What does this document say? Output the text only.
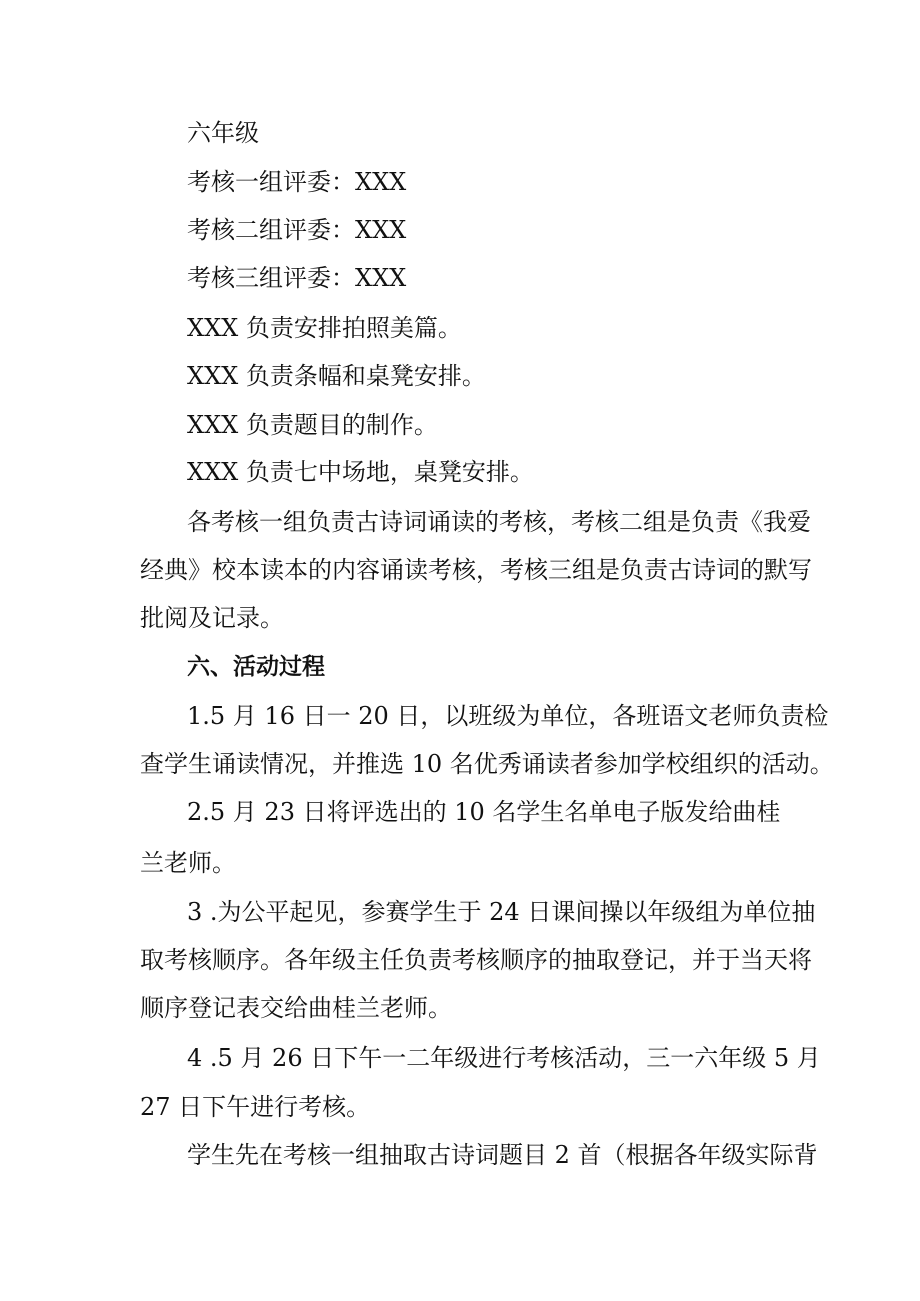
六年级
考核一组评委：XXX
考核二组评委：XXX
考核三组评委：XXX
XXX 负责安排拍照美篇。
XXX 负责条幅和桌凳安排。
XXX 负责题目的制作。
XXX 负责七中场地，桌凳安排。
各考核一组负责古诗词诵读的考核，考核二组是负责《我爱
经典》校本读本的内容诵读考核，考核三组是负责古诗词的默写
批阅及记录。
六、活动过程
1.5 月 16 日一 20 日，以班级为单位，各班语文老师负责检
查学生诵读情况，并推选 10 名优秀诵读者参加学校组织的活动。
2.5 月 23 日将评选出的 10 名学生名单电子版发给曲桂
兰老师。
3 .为公平起见，参赛学生于 24 日课间操以年级组为单位抽
取考核顺序。各年级主任负责考核顺序的抽取登记，并于当天将
顺序登记表交给曲桂兰老师。
4 .5 月 26 日下午一二年级进行考核活动，三一六年级 5 月
27 日下午进行考核。
学生先在考核一组抽取古诗词题目 2 首（根据各年级实际背
